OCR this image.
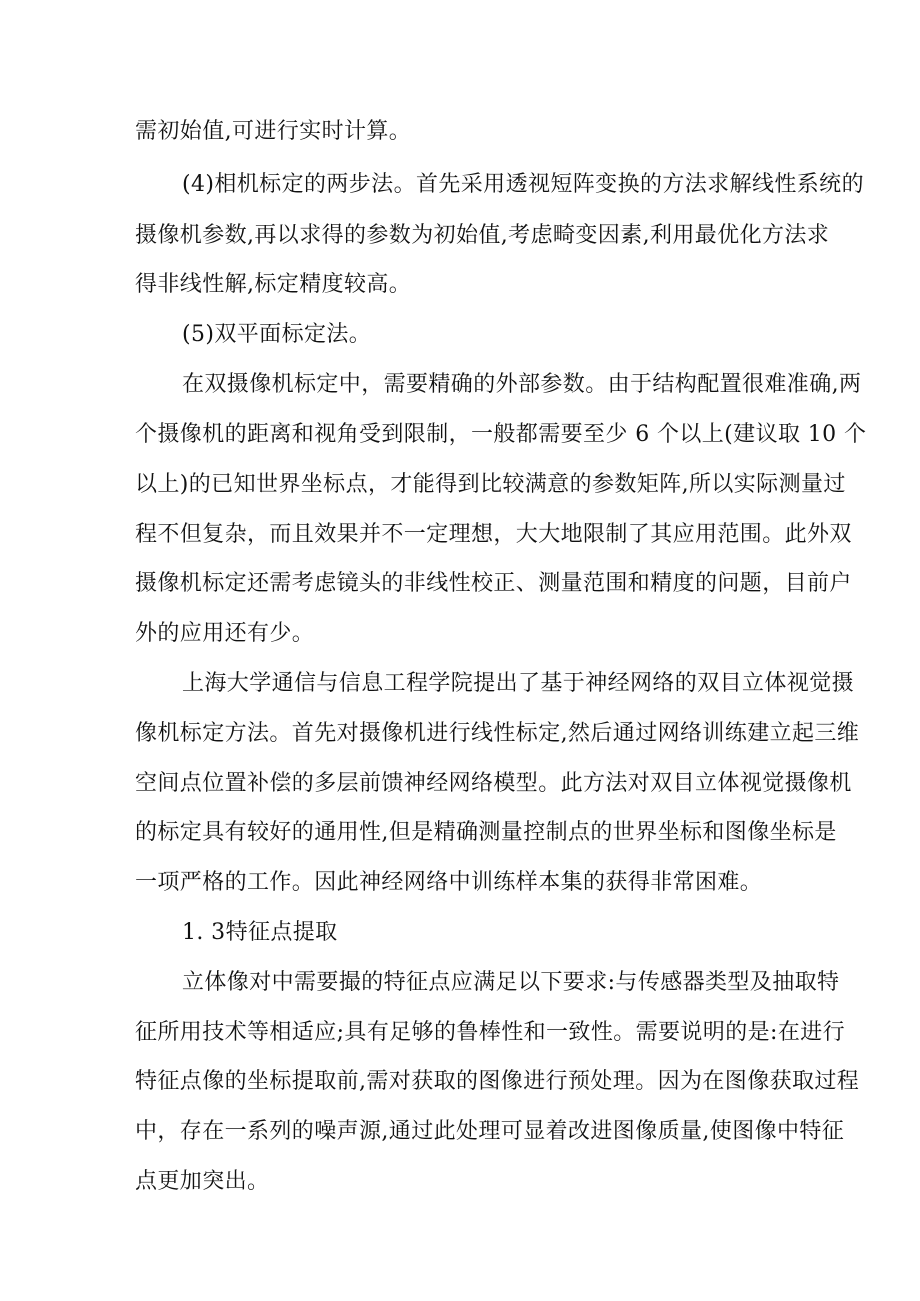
需初始值,可进行实时计算。
(4)相机标定的两步法。首先采用透视短阵变换的方法求解线性系统的
摄像机参数,再以求得的参数为初始值,考虑畸变因素,利用最优化方法求
得非线性解,标定精度较高。
(5)双平面标定法。
在双摄像机标定中，需要精确的外部参数。由于结构配置很难准确,两
个摄像机的距离和视角受到限制，一般都需要至少 6 个以上(建议取 10 个
以上)的已知世界坐标点，才能得到比较满意的参数矩阵,所以实际测量过
程不但复杂，而且效果并不一定理想，大大地限制了其应用范围。此外双
摄像机标定还需考虑镜头的非线性校正、测量范围和精度的问题，目前户
外的应用还有少。
上海大学通信与信息工程学院提出了基于神经网络的双目立体视觉摄
像机标定方法。首先对摄像机进行线性标定,然后通过网络训练建立起三维
空间点位置补偿的多层前馈神经网络模型。此方法对双目立体视觉摄像机
的标定具有较好的通用性,但是精确测量控制点的世界坐标和图像坐标是
一项严格的工作。因此神经网络中训练样本集的获得非常困难。
1. 3特征点提取
立体像对中需要撮的特征点应满足以下要求:与传感器类型及抽取特
征所用技术等相适应;具有足够的鲁棒性和一致性。需要说明的是:在进行
特征点像的坐标提取前,需对获取的图像进行预处理。因为在图像获取过程
中，存在一系列的噪声源,通过此处理可显着改进图像质量,使图像中特征
点更加突出。
